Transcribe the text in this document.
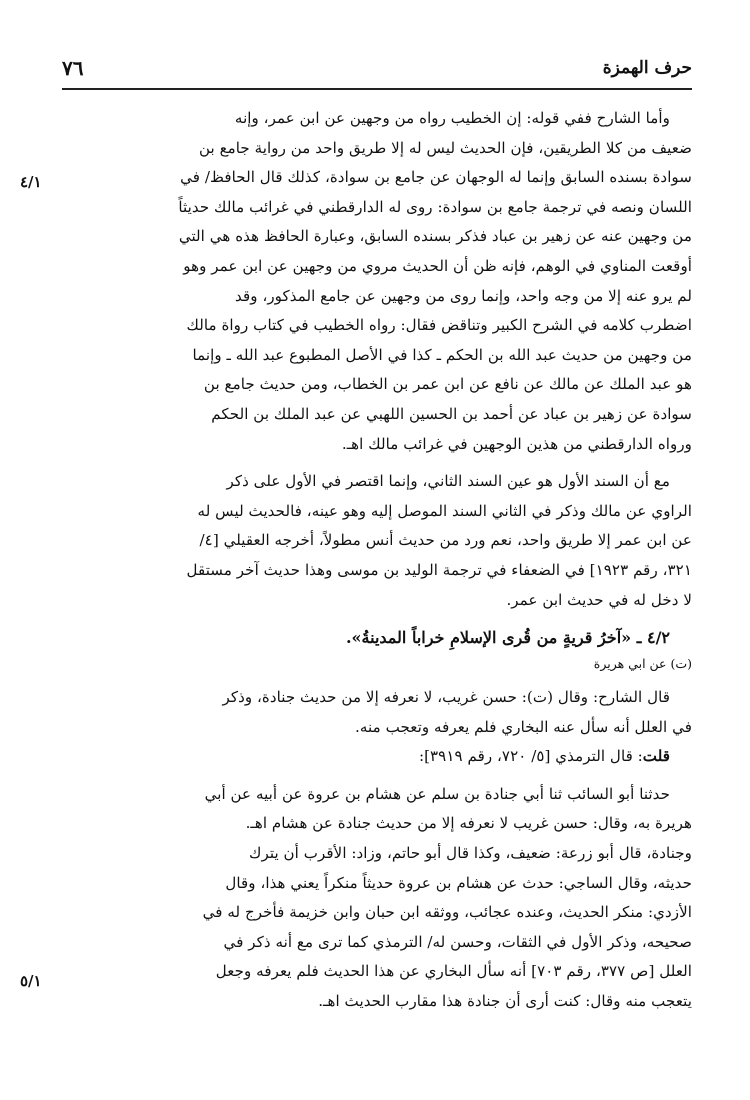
حرف الهمزة
٧٦
٤/١
٥/١
وأما الشارح ففي قوله: إن الخطيب رواه من وجهين عن ابن عمر، وإنه
ضعيف من كلا الطريقين، فإن الحديث ليس له إلا طريق واحد من رواية جامع بن
سوادة بسنده السابق وإنما له الوجهان عن جامع بن سوادة، كذلك قال الحافظ/ في
اللسان ونصه في ترجمة جامع بن سوادة: روى له الدارقطني في غرائب مالك حديثاً
من وجهين عنه عن زهير بن عباد فذكر بسنده السابق، وعبارة الحافظ هذه هي التي
أوقعت المناوي في الوهم، فإنه ظن أن الحديث مروي من وجهين عن ابن عمر وهو
لم يرو عنه إلا من وجه واحد، وإنما روى من وجهين عن جامع المذكور، وقد
اضطرب كلامه في الشرح الكبير وتناقض فقال: رواه الخطيب في كتاب رواة مالك
من وجهين من حديث عبد الله بن الحكم ـ كذا في الأصل المطبوع عبد الله ـ وإنما
هو عبد الملك عن مالك عن نافع عن ابن عمر بن الخطاب، ومن حديث جامع بن
سوادة عن زهير بن عباد عن أحمد بن الحسين اللهبي عن عبد الملك بن الحكم
ورواه الدارقطني من هذين الوجهين في غرائب مالك اهـ.
مع أن السند الأول هو عين السند الثاني، وإنما اقتصر في الأول على ذكر
الراوي عن مالك وذكر في الثاني السند الموصل إليه وهو عينه، فالحديث ليس له
عن ابن عمر إلا طريق واحد، نعم ورد من حديث أنس مطولاً، أخرجه العقيلي [٤/
٣٢١، رقم ١٩٢٣] في الضعفاء في ترجمة الوليد بن موسى وهذا حديث آخر مستقل
لا دخل له في حديث ابن عمر.
٤/٢ ـ «آخرُ قريةٍ من قُرى الإسلامِ خراباً المدينةُ».
(ت) عن ابي هريرة
قال الشارح: وقال (ت): حسن غريب، لا نعرفه إلا من حديث جنادة، وذكر
في العلل أنه سأل عنه البخاري فلم يعرفه وتعجب منه.
قلت: قال الترمذي [٥/ ٧٢٠، رقم ٣٩١٩]:
حدثنا أبو السائب ثنا أبي جنادة بن سلم عن هشام بن عروة عن أبيه عن أبي
هريرة به، وقال: حسن غريب لا نعرفه إلا من حديث جنادة عن هشام اهـ.
وجنادة، قال أبو زرعة: ضعيف، وكذا قال أبو حاتم، وزاد: الأقرب أن يترك
حديثه، وقال الساجي: حدث عن هشام بن عروة حديثاً منكراً يعني هذا، وقال
الأزدي: منكر الحديث، وعنده عجائب، ووثقه ابن حبان وابن خزيمة فأخرج له في
صحيحه، وذكر الأول في الثقات، وحسن له/ الترمذي كما ترى مع أنه ذكر في
العلل [ص ٣٧٧، رقم ٧٠٣] أنه سأل البخاري عن هذا الحديث فلم يعرفه وجعل
يتعجب منه وقال: كنت أرى أن جنادة هذا مقارب الحديث اهـ.
